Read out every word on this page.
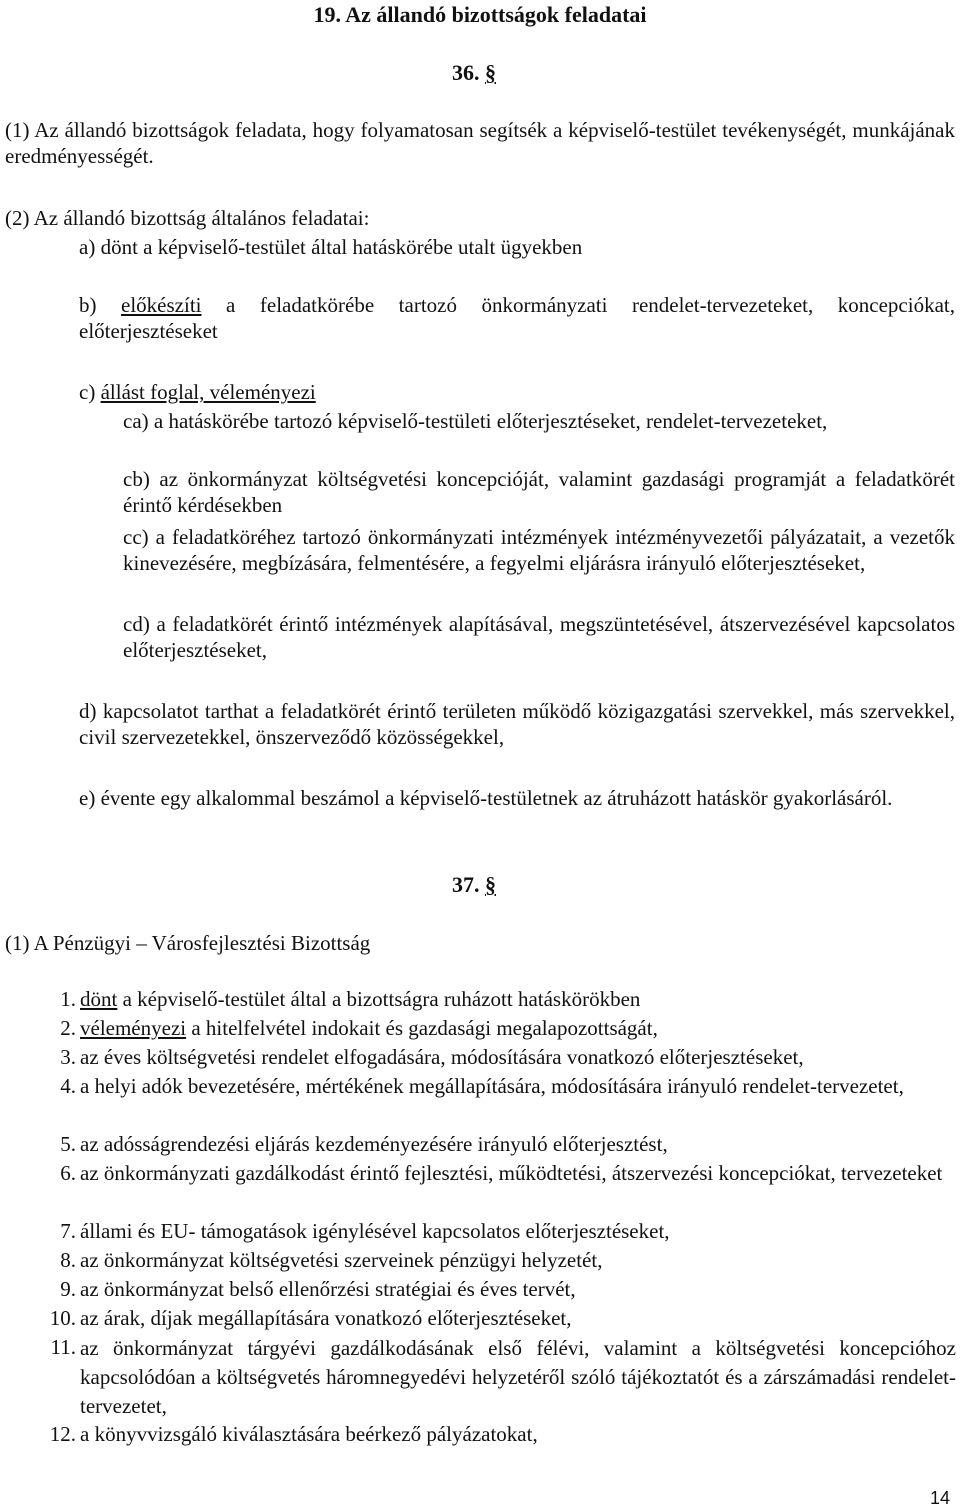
19. Az állandó bizottságok feladatai
36. §
(1) Az állandó bizottságok feladata, hogy folyamatosan segítsék a képviselő-testület tevékenységét, munkájának eredményességét.
(2) Az állandó bizottság általános feladatai:
a) dönt a képviselő-testület által hatáskörébe utalt ügyekben
b) előkészíti a feladatkörébe tartozó önkormányzati rendelet-tervezeteket, koncepciókat, előterjesztéseket
c) állást foglal, véleményezi
ca) a hatáskörébe tartozó képviselő-testületi előterjesztéseket, rendelet-tervezeteket,
cb) az önkormányzat költségvetési koncepcióját, valamint gazdasági programját a feladatkörét érintő kérdésekben
cc) a feladatköréhez tartozó önkormányzati intézmények intézményvezetői pályázatait, a vezetők kinevezésére, megbízására, felmentésére, a fegyelmi eljárásra irányuló előterjesztéseket,
cd) a feladatkörét érintő intézmények alapításával, megszüntetésével, átszervezésével kapcsolatos előterjesztéseket,
d) kapcsolatot tarthat a feladatkörét érintő területen működő közigazgatási szervekkel, más szervekkel, civil szervezetekkel, önszerveződő közösségekkel,
e) évente egy alkalommal beszámol a képviselő-testületnek az átruházott hatáskör gyakorlásáról.
37. §
(1) A Pénzügyi – Városfejlesztési Bizottság
1. dönt a képviselő-testület által a bizottságra ruházott hatáskörökben
2. véleményezi a hitelfelvétel indokait és gazdasági megalapozottságát,
3. az éves költségvetési rendelet elfogadására, módosítására vonatkozó előterjesztéseket,
4. a helyi adók bevezetésére, mértékének megállapítására, módosítására irányuló rendelet-tervezetet,
5. az adósságrendezési eljárás kezdeményezésére irányuló előterjesztést,
6. az önkormányzati gazdálkodást érintő fejlesztési, működtetési, átszervezési koncepciókat, tervezeteket
7. állami és EU- támogatások igénylésével kapcsolatos előterjesztéseket,
8. az önkormányzat költségvetési szerveinek pénzügyi helyzetét,
9. az önkormányzat belső ellenőrzési stratégiai és éves tervét,
10. az árak, díjak megállapítására vonatkozó előterjesztéseket,
11. az önkormányzat tárgyévi gazdálkodásának első félévi, valamint a költségvetési koncepcióhoz kapcsolódóan a költségvetés háromnegyedévi helyzetéről szóló tájékoztatót és a zárszámadási rendelet-tervezetet,
12. a könyvvizsgáló kiválasztására beérkező pályázatokat,
14
